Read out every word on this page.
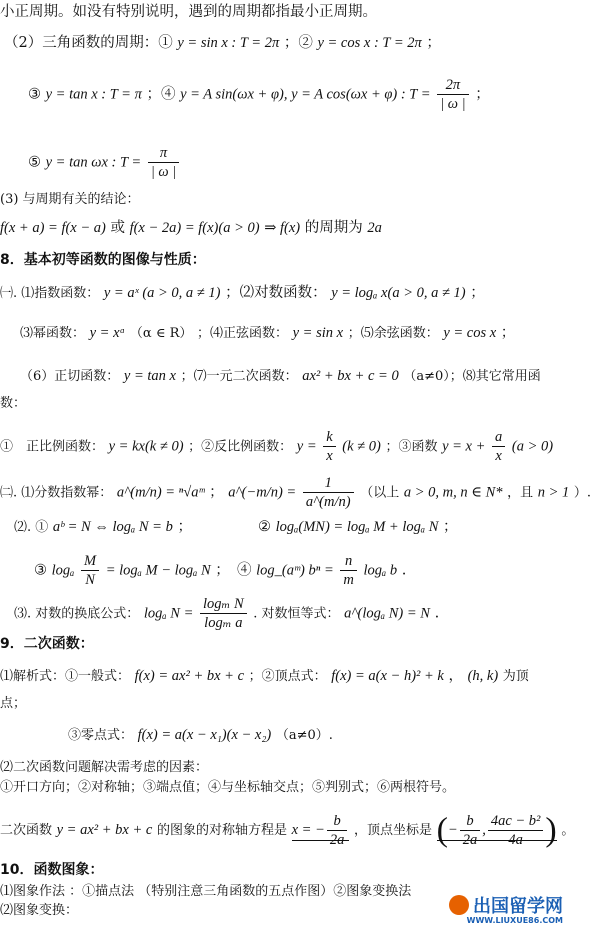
小正周期。如没有特别说明，遇到的周期都指最小正周期。
（2）三角函数的周期：① y = sin x : T = 2π ；② y = cos x : T = 2π ；
③ y = tan x : T = π ；④ y = A sin(ωx + φ), y = A cos(ωx + φ) : $T = \frac{2\pi}{| \omega |}$ ；
⑤ y = tan ωx : $T = \frac{\pi}{| \omega |}$
(3) 与周期有关的结论：
f(x + a) = f(x − a) 或 f(x − 2a) = f(x)(a > 0) ⇒ f(x) 的周期为 2a
8．基本初等函数的图像与性质：
㈠. ⑴指数函数： y = aˣ (a > 0, a ≠ 1) ；⑵对数函数： y = logₐ x(a > 0, a ≠ 1) ；
⑶幂函数： y = xᵅ （α ∈ R） ；⑷正弦函数： y = sin x ；⑸余弦函数： y = cos x ；
（6）正切函数： y = tan x ；⑺一元二次函数： ax² + bx + c = 0 （a≠0）；⑻其它常用函
数：
①　正比例函数： y = kx(k ≠ 0) ；②反比例函数： $y = \frac{k}{x} (k \ne 0)$ ；③函数 $y = x + \frac{a}{x} (a > 0)$
㈡. ⑴分数指数幂： a^(m/n) = ⁿ√aᵐ ； a^(−m/n) = $\frac{1}{a\^{}(m/n)}$ （以上 a > 0, m, n ∈ N* ，且 n > 1 ）.
⑵. ① aᵇ = N ⇔ logₐ N = b ；	② logₐ(MN) = logₐ M + logₐ N ；
③ logₐ $\frac{M}{N} = \log_a$ M − logₐ N ；　④ log_(aᵐ) $b^n = \frac{n}{m}$ logₐ b .
⑶. 对数的换底公式： logₐ $N = \frac{\text{logₘ N}}{\text{logₘ a}}$ . 对数恒等式： a^(logₐ N) = N .
9．二次函数：
⑴解析式：①一般式： f(x) = ax² + bx + c ；②顶点式： f(x) = a(x − h)² + k ， (h, k) 为顶
点；
③零点式： f(x) = a(x − x₁)(x − x₂) （a≠0）.
⑵二次函数问题解决需考虑的因素：
①开口方向；②对称轴；③端点值；④与坐标轴交点；⑤判别式；⑥两根符号。
二次函数 y = ax² + bx + c 的图象的对称轴方程是 x = − $\frac{b}{2a}$ ，顶点坐标是 (− $\frac{b}{2a}$ , $\frac{\text{4ac − b²}}{4a}$ ) 。
10．函数图象：
⑴图象作法 ：①描点法 （特别注意三角函数的五点作图）②图象变换法
⑵图象变换：	出国留学网
WWW.LIUXUE86.COM
